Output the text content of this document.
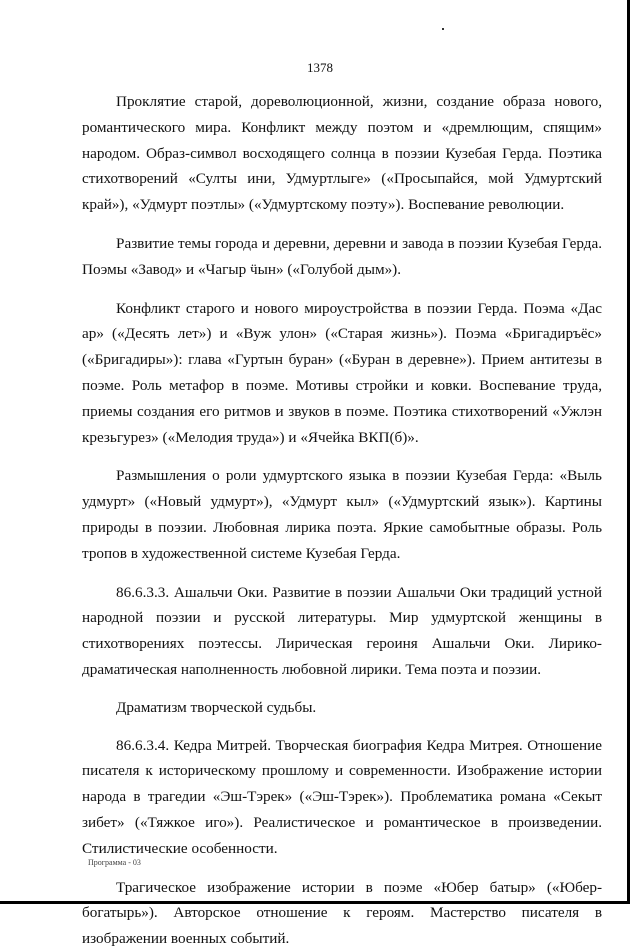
1378

Проклятие старой, дореволюционной, жизни, создание образа нового, романтического мира. Конфликт между поэтом и «дремлющим, спящим» народом. Образ-символ восходящего солнца в поэзии Кузебая Герда. Поэтика стихотворений «Султы ини, Удмуртлыге» («Просыпайся, мой Удмуртский край»), «Удмурт поэтлы» («Удмуртскому поэту»). Воспевание революции.

Развитие темы города и деревни, деревни и завода в поэзии Кузебая Герда. Поэмы «Завод» и «Чагыр ӵын» («Голубой дым»).

Конфликт старого и нового мироустройства в поэзии Герда. Поэма «Дас ар» («Десять лет») и «Вуж улон» («Старая жизнь»). Поэма «Бригадиръёс» («Бригадиры»): глава «Гуртын буран» («Буран в деревне»). Прием антитезы в поэме. Роль метафор в поэме. Мотивы стройки и ковки. Воспевание труда, приемы создания его ритмов и звуков в поэме. Поэтика стихотворений «Ужлэн крезьгурез» («Мелодия труда») и «Ячейка ВКП(б)».

Размышления о роли удмуртского языка в поэзии Кузебая Герда: «Выль удмурт» («Новый удмурт»), «Удмурт кыл» («Удмуртский язык»). Картины природы в поэзии. Любовная лирика поэта. Яркие самобытные образы. Роль тропов в художественной системе Кузебая Герда.

86.6.3.3. Ашальчи Оки. Развитие в поэзии Ашальчи Оки традиций устной народной поэзии и русской литературы. Мир удмуртской женщины в стихотворениях поэтессы. Лирическая героиня Ашальчи Оки. Лирико-драматическая наполненность любовной лирики. Тема поэта и поэзии.

Драматизм творческой судьбы.

86.6.3.4. Кедра Митрей. Творческая биография Кедра Митрея. Отношение писателя к историческому прошлому и современности. Изображение истории народа в трагедии «Эш-Тэрек» («Эш-Тэрек»). Проблематика романа «Секыт зибет» («Тяжкое иго»). Реалистическое и романтическое в произведении. Стилистические особенности.

Трагическое изображение истории в поэме «Юбер батыр» («Юбер-богатырь»). Авторское отношение к героям. Мастерство писателя в изображении военных событий.

Программа - 03
